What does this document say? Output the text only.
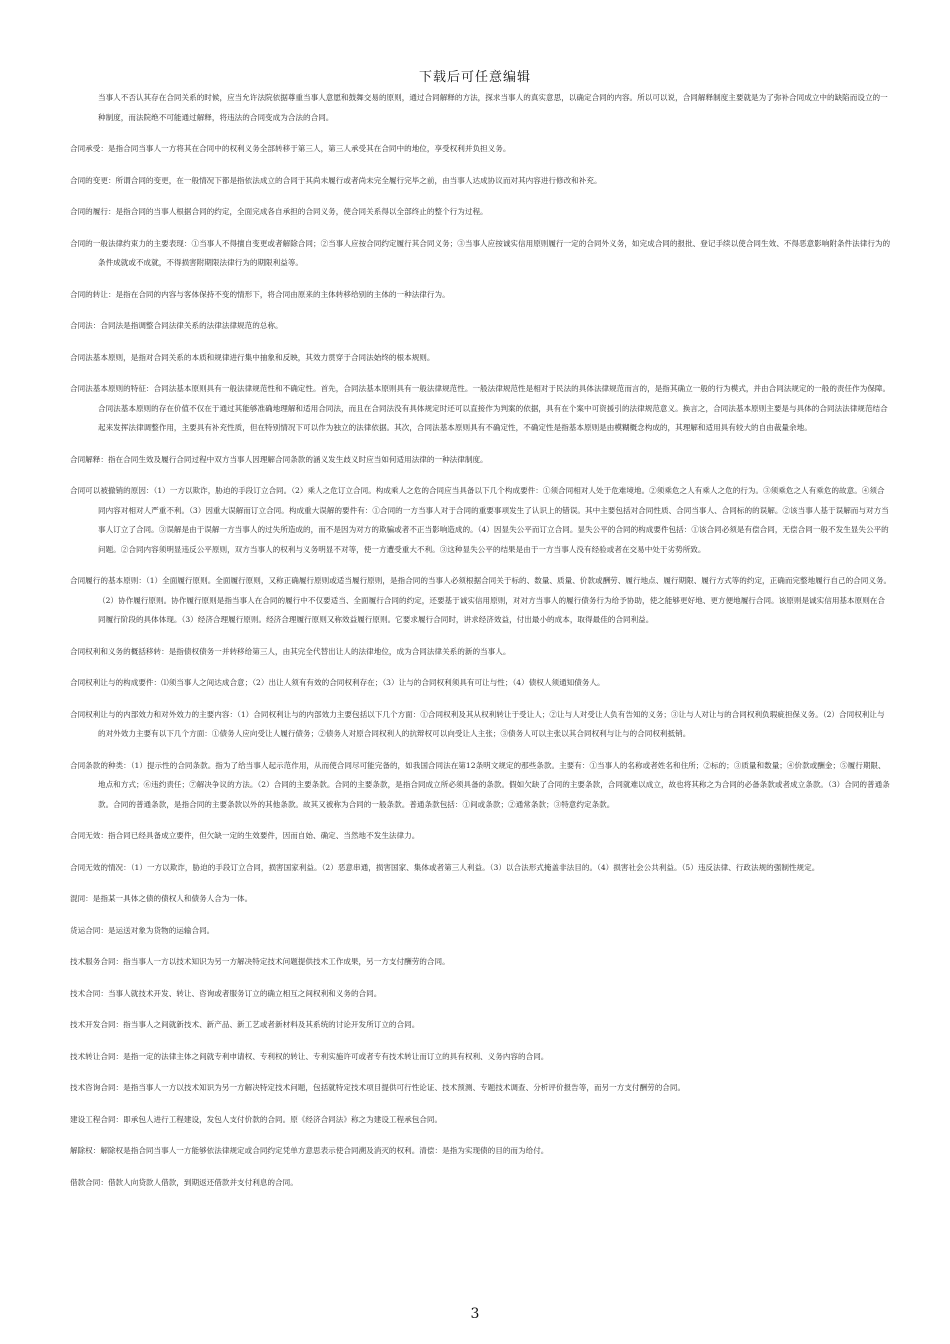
下载后可任意编辑

当事人不否认其存在合同关系的时候，应当允许法院依据尊重当事人意愿和鼓舞交易的原则，通过合同解释的方法，探求当事人的真实意思，以确定合同的内容。所以可以说，合同解释制度主要就是为了弥补合同成立中的缺陷而设立的一种制度，而法院绝不可能通过解释，将违法的合同变成为合法的合同。

合同承受：是指合同当事人一方将其在合同中的权利义务全部转移于第三人，第三人承受其在合同中的地位，享受权利并负担义务。

合同的变更：所谓合同的变更，在一般情况下都是指依法成立的合同于其尚未履行或者尚未完全履行完毕之前，由当事人达成协议而对其内容进行修改和补充。

合同的履行：是指合同的当事人根据合同的约定，全面完成各自承担的合同义务，使合同关系得以全部终止的整个行为过程。

合同的一般法律约束力的主要表现：①当事人不得擅自变更或者解除合同；②当事人应按合同约定履行其合同义务；③当事人应按诚实信用原则履行一定的合同外义务，如完成合同的报批、登记手续以使合同生效、不得恶意影响附条件法律行为的条件成就或不成就，不得损害附期限法律行为的期限利益等。

合同的转让：是指在合同的内容与客体保持不变的情形下，将合同由原来的主体转移给别的主体的一种法律行为。

合同法：合同法是指调整合同法律关系的法律法律规范的总称。

合同法基本原则，是指对合同关系的本质和规律进行集中抽象和反映，其效力贯穿于合同法始终的根本规则。

合同法基本原则的特征：合同法基本原则具有一般法律规范性和不确定性。首先，合同法基本原则具有一般法律规范性。一般法律规范性是相对于民法的具体法律规范而言的，是指其确立一般的行为模式，并由合同法规定的一般的责任作为保障。合同法基本原则的存在价值不仅在于通过其能够准确地理解和适用合同法，而且在合同法没有具体规定时还可以直接作为判案的依据，具有在个案中可资援引的法律规范意义。换言之，合同法基本原则主要是与具体的合同法法律规范结合起来发挥法律调整作用，主要具有补充性质，但在特别情况下可以作为独立的法律依据。其次，合同法基本原则具有不确定性，不确定性是指基本原则是由模糊概念构成的，其理解和适用具有较大的自由裁量余地。

合同解释：指在合同生效及履行合同过程中双方当事人因理解合同条款的涵义发生歧义时应当如何适用法律的一种法律制度。

合同可以被撤销的原因：（1）一方以欺诈，胁迫的手段订立合同。（2）乘人之危订立合同。构成乘人之危的合同应当具备以下几个构成要件：①须合同相对人处于危难境地。②须乘危之人有乘人之危的行为。③须乘危之人有乘危的故意。④须合同内容对相对人严重不利。（3）因重大误解而订立合同。构成重大误解的要件有：①合同的一方当事人对于合同的重要事项发生了认识上的错误。其中主要包括对合同性质、合同当事人、合同标的的误解。②该当事人基于误解而与对方当事人订立了合同。③误解是由于误解一方当事人的过失所造成的，而不是因为对方的欺骗或者不正当影响造成的。（4）因显失公平而订立合同。显失公平的合同的构成要件包括：①该合同必须是有偿合同，无偿合同一般不发生显失公平的问题。②合同内容须明显违反公平原则，双方当事人的权利与义务明显不对等，使一方遭受重大不利。③这种显失公平的结果是由于一方当事人没有经验或者在交易中处于劣势所致。

合同履行的基本原则：（1）全面履行原则。全面履行原则，又称正确履行原则或适当履行原则，是指合同的当事人必须根据合同关于标的、数量、质量、价款或酬劳、履行地点、履行期限、履行方式等的约定，正确而完整地履行自己的合同义务。（2）协作履行原则。协作履行原则是指当事人在合同的履行中不仅要适当、全面履行合同的约定，还要基于诚实信用原则，对对方当事人的履行债务行为给予协助，使之能够更好地、更方便地履行合同。该原则是诚实信用基本原则在合同履行阶段的具体体现。（3）经济合理履行原则。经济合理履行原则又称效益履行原则。它要求履行合同时，讲求经济效益，付出最小的成本，取得最佳的合同利益。

合同权利和义务的概括移转：是指债权债务一并转移给第三人，由其完全代替出让人的法律地位，成为合同法律关系的新的当事人。

合同权利让与的构成要件：⑴须当事人之间达成合意；（2）出让人须有有效的合同权利存在；（3）让与的合同权利须具有可让与性；（4）债权人须通知债务人。

合同权利让与的内部效力和对外效力的主要内容：（1）合同权利让与的内部效力主要包括以下几个方面：①合同权利及其从权利转让于受让人；②让与人对受让人负有告知的义务；③让与人对让与的合同权利负瑕疵担保义务。（2）合同权利让与的对外效力主要有以下几个方面：①债务人应向受让人履行债务；②债务人对原合同权利人的抗辩权可以向受让人主张；③债务人可以主张以其合同权利与让与的合同权利抵销。

合同条款的种类：（1）提示性的合同条款。指为了给当事人起示范作用，从而使合同尽可能完备的，如我国合同法在第12条明文规定的那些条款。主要有：①当事人的名称或者姓名和住所；②标的；③质量和数量；④价款或酬金；⑤履行期限、地点和方式；⑥违约责任；⑦解决争议的方法。（2）合同的主要条款。合同的主要条款，是指合同成立所必须具备的条款。假如欠缺了合同的主要条款，合同就难以成立，故也将其称之为合同的必备条款或者成立条款。（3）合同的普通条款。合同的普通条款，是指合同的主要条款以外的其他条款。故其又被称为合同的一般条款。普通条款包括：①间或条款；②通常条款；③特意约定条款。

合同无效：指合同已经具备成立要件，但欠缺一定的生效要件，因而自始、确定、当然地不发生法律力。

合同无效的情况：（1）一方以欺诈，胁迫的手段订立合同，损害国家利益。（2）恶意串通，损害国家、集体或者第三人利益。（3）以合法形式掩盖非法目的。（4）损害社会公共利益。（5）违反法律、行政法规的强制性规定。

混同：是指某一具体之债的债权人和债务人合为一体。

货运合同：是运送对象为货物的运输合同。

技术服务合同：指当事人一方以技术知识为另一方解决特定技术问题提供技术工作成果，另一方支付酬劳的合同。

技术合同：当事人就技术开发、转让、咨询或者服务订立的确立相互之间权利和义务的合同。

技术开发合同：指当事人之间就新技术、新产品、新工艺或者新材料及其系统的讨论开发所订立的合同。

技术转让合同：是指一定的法律主体之间就专利申请权、专利权的转让、专利实施许可或者专有技术转让而订立的具有权利、义务内容的合同。

技术咨询合同：是指当事人一方以技术知识为另一方解决特定技术问题，包括就特定技术项目提供可行性论证、技术预测、专题技术调查、分析评价报告等，而另一方支付酬劳的合同。

建设工程合同：即承包人进行工程建设，发包人支付价款的合同。原《经济合同法》称之为建设工程承包合同。

解除权：解除权是指合同当事人一方能够依法律规定或合同约定凭单方意思表示使合同溯及消灭的权利。清偿：是指为实现债的目的而为给付。

借款合同：借款人向贷款人借款，到期返还借款并支付利息的合同。

3
